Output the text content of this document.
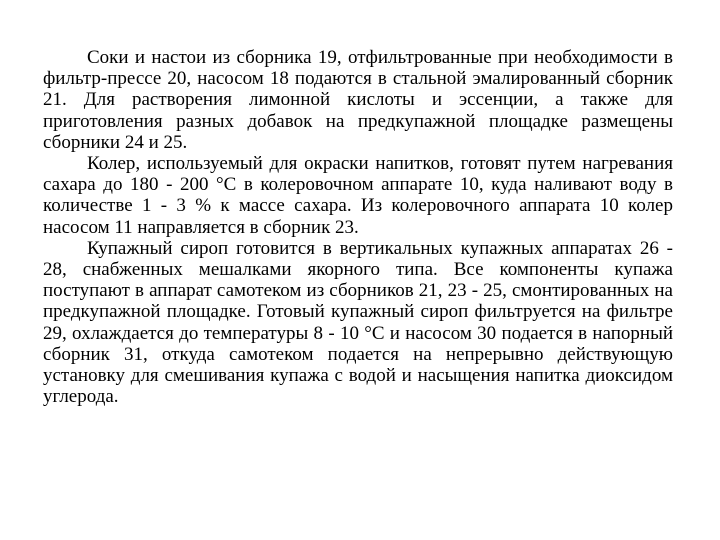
Соки и настои из сборника 19, отфильтрованные при необходимости в фильтр-прессе 20, насосом 18 подаются в стальной эмалированный сборник 21. Для растворения лимонной кислоты и эссенции, а также для приготовления разных добавок на предкупажной площадке размещены сборники 24 и 25.

Колер, используемый для окраски напитков, готовят путем нагревания сахара до 180 - 200 °С в колеровочном аппарате 10, куда наливают воду в количестве 1 - 3 % к массе сахара. Из колеровочного аппарата 10 колер насосом 11 направляется в сборник 23.

Купажный сироп готовится в вертикальных купажных аппаратах 26 - 28, снабженных мешалками якорного типа. Все компоненты купажа поступают в аппарат самотеком из сборников 21, 23 - 25, смонтированных на предкупажной площадке. Готовый купажный сироп фильтруется на фильтре 29, охлаждается до температуры 8 - 10 °С и насосом 30 подается в напорный сборник 31, откуда самотеком подается на непрерывно действующую установку для смешивания купажа с водой и насыщения напитка диоксидом углерода.
